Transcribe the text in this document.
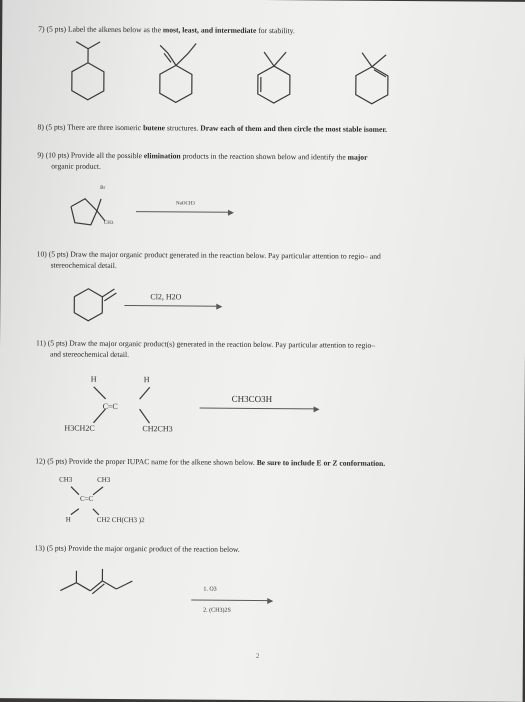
7) (5 pts) Label the alkenes below as the most, least, and intermediate for stability.
8) (5 pts) There are three isomeric butene structures. Draw each of them and then circle the most stable isomer.
9) (10 pts) Provide all the possible elimination products in the reaction shown below and identify the major
organic product.
Br
CH3
NaOCH3
10) (5 pts) Draw the major organic product generated in the reaction below. Pay particular attention to regio– and
stereochemical detail.
Cl2, H2O
11) (5 pts) Draw the major organic product(s) generated in the reaction below. Pay particular attention to regio–
and stereochemical detail.
H	H
C=C
H3CH2C	CH2CH3
CH3CO3H
12) (5 pts) Provide the proper IUPAC name for the alkene shown below. Be sure to include E or Z conformation.
CH3	CH3
C=C
H	CH2 CH(CH3 )2
13) (5 pts) Provide the major organic product of the reaction below.
1. O3
2. (CH3)2S
2
